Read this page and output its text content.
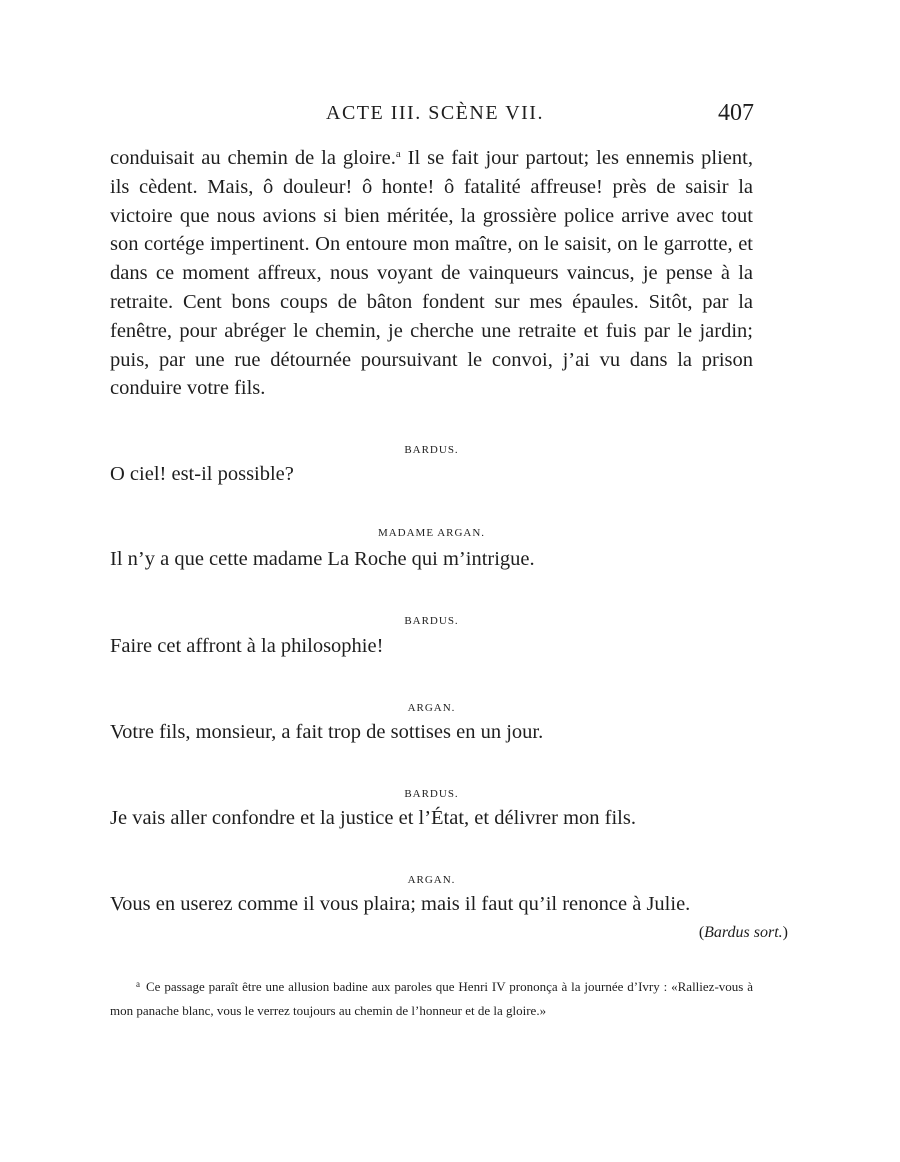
ACTE III. SCÈNE VII.	407

conduisait au chemin de la gloire.$^a$ Il se fait jour partout; les ennemis plient, ils cèdent. Mais, ô douleur! ô honte! ô fatalité affreuse! près de saisir la victoire que nous avions si bien méritée, la grossière police arrive avec tout son cortége impertinent. On entoure mon maître, on le saisit, on le garrotte, et dans ce moment affreux, nous voyant de vainqueurs vaincus, je pense à la retraite. Cent bons coups de bâton fondent sur mes épaules. Sitôt, par la fenêtre, pour abréger le chemin, je cherche une retraite et fuis par le jardin; puis, par une rue détournée poursuivant le convoi, j’ai vu dans la prison conduire votre fils.

BARDUS.

O ciel! est-il possible?

MADAME ARGAN.

Il n’y a que cette madame La Roche qui m’intrigue.

BARDUS.

Faire cet affront à la philosophie!

ARGAN.

Votre fils, monsieur, a fait trop de sottises en un jour.

BARDUS.

Je vais aller confondre et la justice et l’État, et délivrer mon fils.

ARGAN.

Vous en userez comme il vous plaira; mais il faut qu’il renonce à Julie.

(Bardus sort.)
$^a$ Ce passage paraît être une allusion badine aux paroles que Henri IV prononça à la journée d’Ivry : «Ralliez-vous à mon panache blanc, vous le verrez toujours au chemin de l’honneur et de la gloire.»
